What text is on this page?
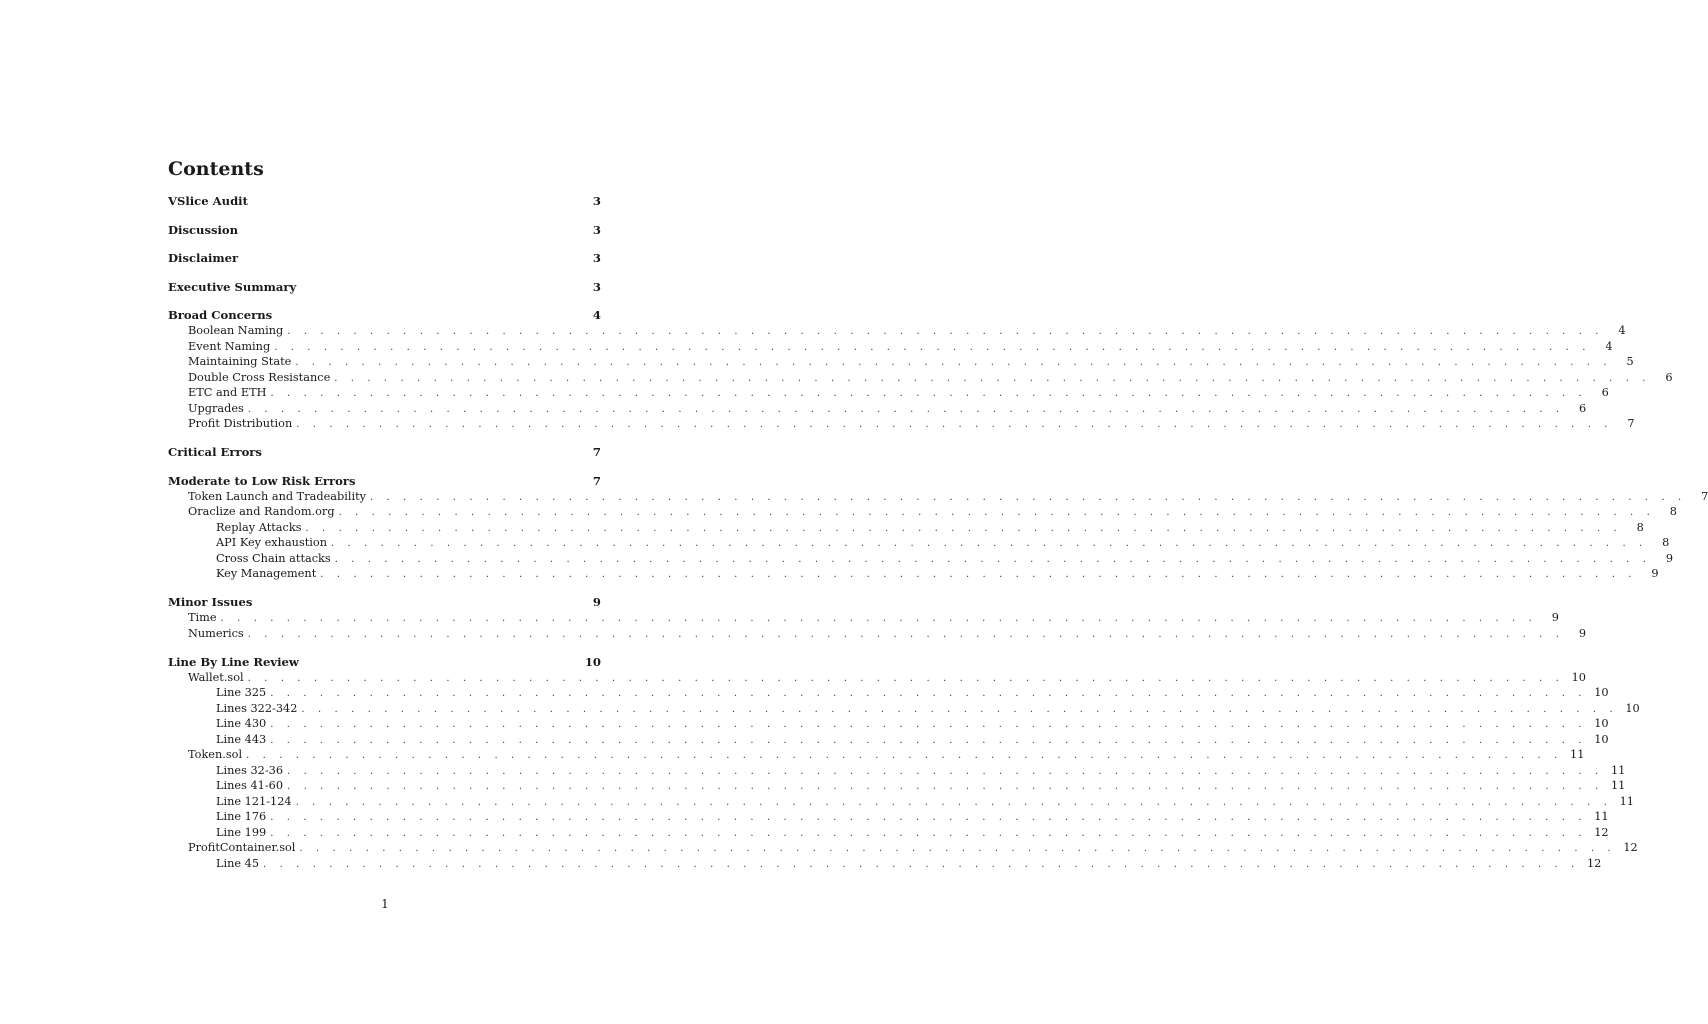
Contents
VSlice Audit	3
Discussion	3
Disclaimer	3
Executive Summary	3
Broad Concerns	4
Boolean Naming . . . . . . . . . . . . . . . . . . . . . . . . . . . . . . . . . . . . . . . . . . . . . . . . . . . . . . . . . . . . . . . . . . . . . . . . . . . . . . . .	4
Event Naming . . . . . . . . . . . . . . . . . . . . . . . . . . . . . . . . . . . . . . . . . . . . . . . . . . . . . . . . . . . . . . . . . . . . . . . . . . . . . . . .	4
Maintaining State . . . . . . . . . . . . . . . . . . . . . . . . . . . . . . . . . . . . . . . . . . . . . . . . . . . . . . . . . . . . . . . . . . . . . . . . . . . . . . . .	5
Double Cross Resistance . . . . . . . . . . . . . . . . . . . . . . . . . . . . . . . . . . . . . . . . . . . . . . . . . . . . . . . . . . . . . . . . . . . . . . . . . . . . . . . .	6
ETC and ETH . . . . . . . . . . . . . . . . . . . . . . . . . . . . . . . . . . . . . . . . . . . . . . . . . . . . . . . . . . . . . . . . . . . . . . . . . . . . . . . .	6
Upgrades . . . . . . . . . . . . . . . . . . . . . . . . . . . . . . . . . . . . . . . . . . . . . . . . . . . . . . . . . . . . . . . . . . . . . . . . . . . . . . . .	6
Profit Distribution . . . . . . . . . . . . . . . . . . . . . . . . . . . . . . . . . . . . . . . . . . . . . . . . . . . . . . . . . . . . . . . . . . . . . . . . . . . . . . . .	7
Critical Errors	7
Moderate to Low Risk Errors	7
Token Launch and Tradeability . . . . . . . . . . . . . . . . . . . . . . . . . . . . . . . . . . . . . . . . . . . . . . . . . . . . . . . . . . . . . . . . . . . . . . . . . . . . . . . .	7
Oraclize and Random.org . . . . . . . . . . . . . . . . . . . . . . . . . . . . . . . . . . . . . . . . . . . . . . . . . . . . . . . . . . . . . . . . . . . . . . . . . . . . . . . .	8
Replay Attacks . . . . . . . . . . . . . . . . . . . . . . . . . . . . . . . . . . . . . . . . . . . . . . . . . . . . . . . . . . . . . . . . . . . . . . . . . . . . . . . .	8
API Key exhaustion . . . . . . . . . . . . . . . . . . . . . . . . . . . . . . . . . . . . . . . . . . . . . . . . . . . . . . . . . . . . . . . . . . . . . . . . . . . . . . . .	8
Cross Chain attacks . . . . . . . . . . . . . . . . . . . . . . . . . . . . . . . . . . . . . . . . . . . . . . . . . . . . . . . . . . . . . . . . . . . . . . . . . . . . . . . .	9
Key Management . . . . . . . . . . . . . . . . . . . . . . . . . . . . . . . . . . . . . . . . . . . . . . . . . . . . . . . . . . . . . . . . . . . . . . . . . . . . . . . .	9
Minor Issues	9
Time . . . . . . . . . . . . . . . . . . . . . . . . . . . . . . . . . . . . . . . . . . . . . . . . . . . . . . . . . . . . . . . . . . . . . . . . . . . . . . . .	9
Numerics . . . . . . . . . . . . . . . . . . . . . . . . . . . . . . . . . . . . . . . . . . . . . . . . . . . . . . . . . . . . . . . . . . . . . . . . . . . . . . . .	9
Line By Line Review	10
Wallet.sol . . . . . . . . . . . . . . . . . . . . . . . . . . . . . . . . . . . . . . . . . . . . . . . . . . . . . . . . . . . . . . . . . . . . . . . . . . . . . . . . 10
Line 325 . . . . . . . . . . . . . . . . . . . . . . . . . . . . . . . . . . . . . . . . . . . . . . . . . . . . . . . . . . . . . . . . . . . . . . . . . . . . . . . . 10
Lines 322-342 . . . . . . . . . . . . . . . . . . . . . . . . . . . . . . . . . . . . . . . . . . . . . . . . . . . . . . . . . . . . . . . . . . . . . . . . . . . . . . . . 10
Line 430 . . . . . . . . . . . . . . . . . . . . . . . . . . . . . . . . . . . . . . . . . . . . . . . . . . . . . . . . . . . . . . . . . . . . . . . . . . . . . . . . 10
Line 443 . . . . . . . . . . . . . . . . . . . . . . . . . . . . . . . . . . . . . . . . . . . . . . . . . . . . . . . . . . . . . . . . . . . . . . . . . . . . . . . . 10
Token.sol . . . . . . . . . . . . . . . . . . . . . . . . . . . . . . . . . . . . . . . . . . . . . . . . . . . . . . . . . . . . . . . . . . . . . . . . . . . . . . . . 11
Lines 32-36 . . . . . . . . . . . . . . . . . . . . . . . . . . . . . . . . . . . . . . . . . . . . . . . . . . . . . . . . . . . . . . . . . . . . . . . . . . . . . . . . 11
Lines 41-60 . . . . . . . . . . . . . . . . . . . . . . . . . . . . . . . . . . . . . . . . . . . . . . . . . . . . . . . . . . . . . . . . . . . . . . . . . . . . . . . . 11
Line 121-124 . . . . . . . . . . . . . . . . . . . . . . . . . . . . . . . . . . . . . . . . . . . . . . . . . . . . . . . . . . . . . . . . . . . . . . . . . . . . . . . . 11
Line 176 . . . . . . . . . . . . . . . . . . . . . . . . . . . . . . . . . . . . . . . . . . . . . . . . . . . . . . . . . . . . . . . . . . . . . . . . . . . . . . . . 11
Line 199 . . . . . . . . . . . . . . . . . . . . . . . . . . . . . . . . . . . . . . . . . . . . . . . . . . . . . . . . . . . . . . . . . . . . . . . . . . . . . . . . 12
ProfitContainer.sol . . . . . . . . . . . . . . . . . . . . . . . . . . . . . . . . . . . . . . . . . . . . . . . . . . . . . . . . . . . . . . . . . . . . . . . . . . . . . . . . 12
Line 45 . . . . . . . . . . . . . . . . . . . . . . . . . . . . . . . . . . . . . . . . . . . . . . . . . . . . . . . . . . . . . . . . . . . . . . . . . . . . . . . . 12
1
